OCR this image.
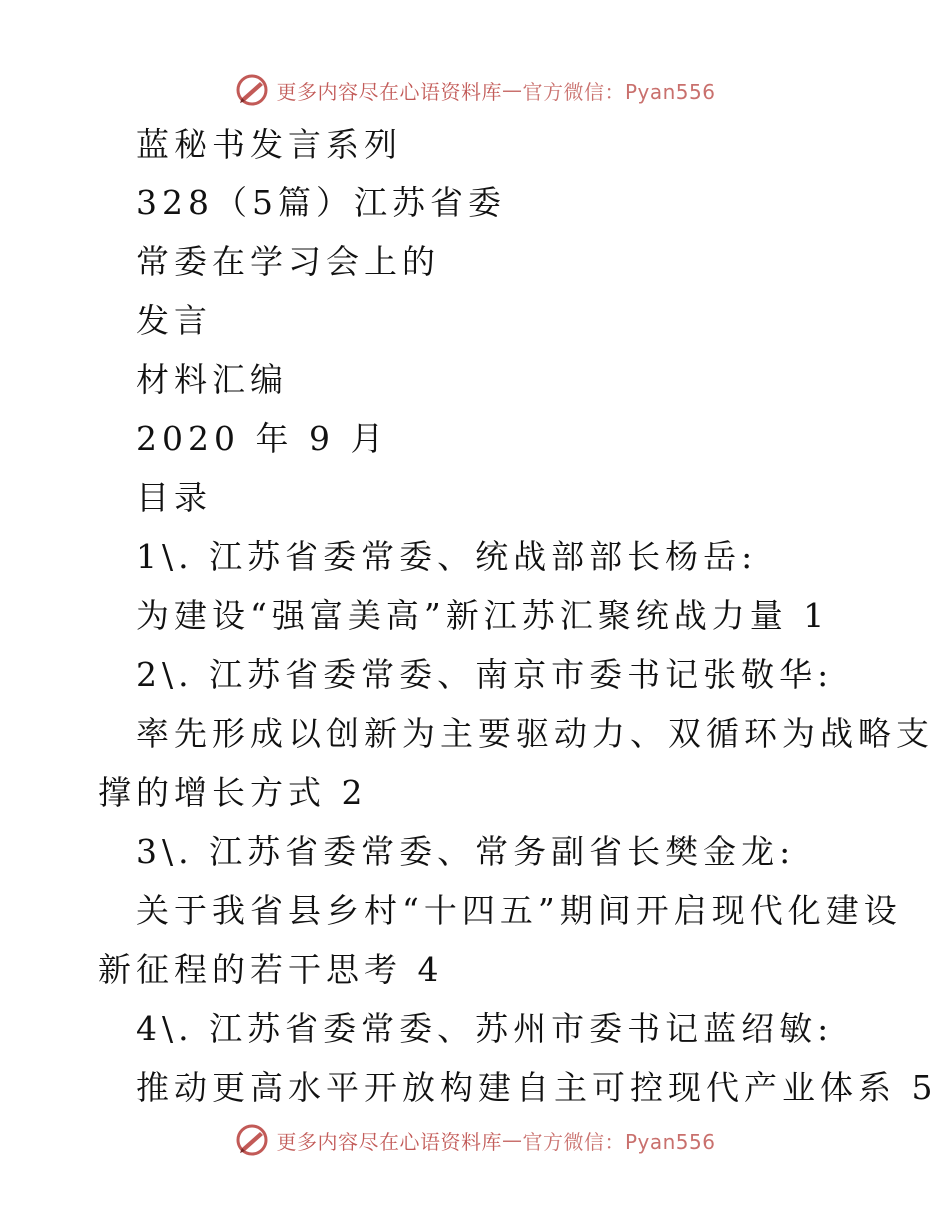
更多内容尽在心语资料库 — 官方微信：Pyan556
蓝秘书发言系列
328（5篇）江苏省委
常委在学习会上的
发言
材料汇编
2020 年 9 月
目录
1\. 江苏省委常委、统战部部长杨岳:
为建设“强富美高”新江苏汇聚统战力量 1
2\. 江苏省委常委、南京市委书记张敬华:
率先形成以创新为主要驱动力、双循环为战略支
撑的增长方式 2
3\. 江苏省委常委、常务副省长樊金龙:
关于我省县乡村“十四五”期间开启现代化建设
新征程的若干思考 4
4\. 江苏省委常委、苏州市委书记蓝绍敏:
推动更高水平开放构建自主可控现代产业体系 5
更多内容尽在心语资料库 — 官方微信：Pyan556
